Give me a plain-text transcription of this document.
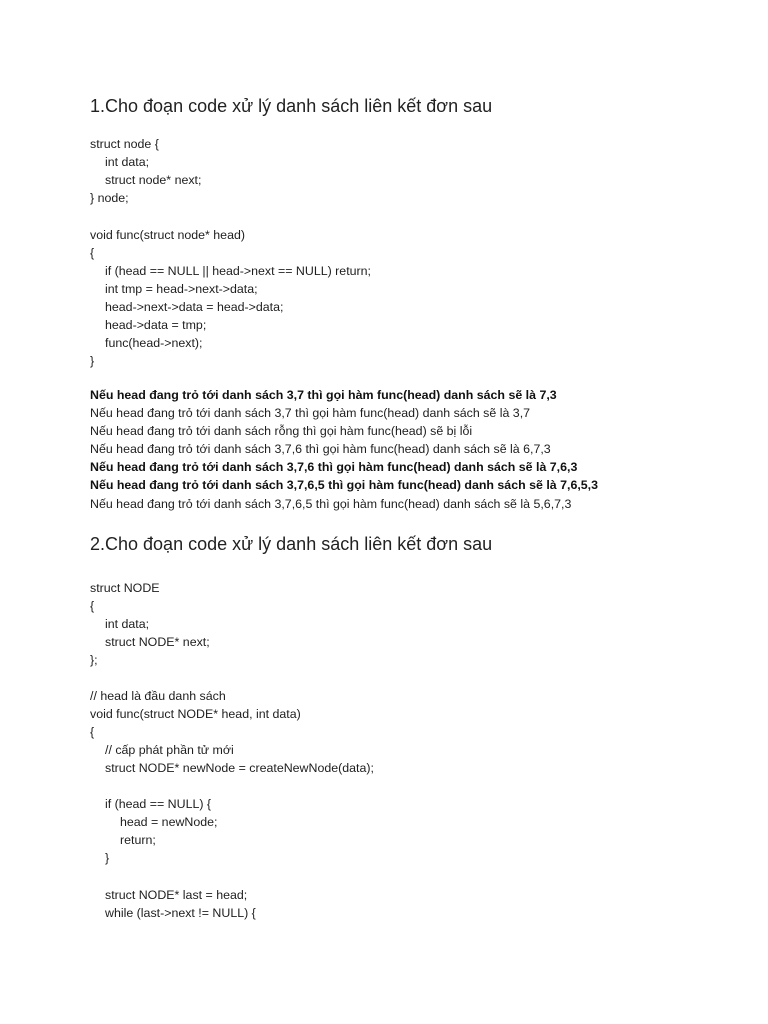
1.Cho đoạn code xử lý danh sách liên kết đơn sau
struct node {
int data;
struct node* next;
} node;
void func(struct node* head)
{
if (head == NULL || head->next == NULL) return;
int tmp = head->next->data;
head->next->data = head->data;
head->data = tmp;
func(head->next);
}
Nếu head đang trỏ tới danh sách 3,7 thì gọi hàm func(head) danh sách sẽ là 7,3
Nếu head đang trỏ tới danh sách 3,7 thì gọi hàm func(head) danh sách sẽ là 3,7
Nếu head đang trỏ tới danh sách rỗng thì gọi hàm func(head) sẽ bị lỗi
Nếu head đang trỏ tới danh sách 3,7,6 thì gọi hàm func(head) danh sách sẽ là 6,7,3
Nếu head đang trỏ tới danh sách 3,7,6 thì gọi hàm func(head) danh sách sẽ là 7,6,3
Nếu head đang trỏ tới danh sách 3,7,6,5 thì gọi hàm func(head) danh sách sẽ là 7,6,5,3
Nếu head đang trỏ tới danh sách 3,7,6,5 thì gọi hàm func(head) danh sách sẽ là 5,6,7,3
2.Cho đoạn code xử lý danh sách liên kết đơn sau
struct NODE
{
int data;
struct NODE* next;
};
// head là đầu danh sách
void func(struct NODE* head, int data)
{
// cấp phát phần tử mới
struct NODE* newNode = createNewNode(data);
if (head == NULL) {
head = newNode;
return;
}
struct NODE* last = head;
while (last->next != NULL) {
